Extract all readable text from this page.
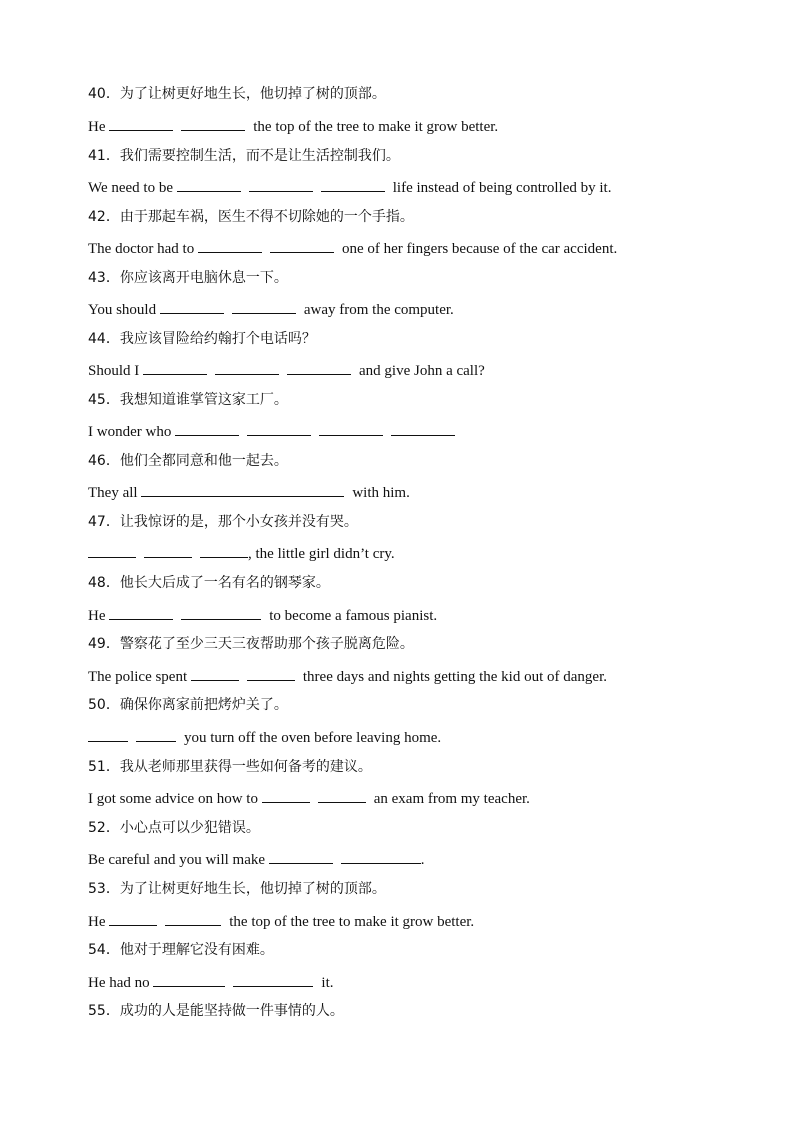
40．为了让树更好地生长，他切掉了树的顶部。
He	the top of the tree to make it grow better.
41．我们需要控制生活，而不是让生活控制我们。
We need to be	life instead of being controlled by it.
42．由于那起车祸，医生不得不切除她的一个手指。
The doctor had to	one of her fingers because of the car accident.
43．你应该离开电脑休息一下。
You should	away from the computer.
44．我应该冒险给约翰打个电话吗？
Should I	and give John a call?
45．我想知道谁掌管这家工厂。
I wonder who
46．他们全都同意和他一起去。
They all	with him.
47．让我惊讶的是，那个小女孩并没有哭。
, the little girl didn’t cry.
48．他长大后成了一名有名的钢琴家。
He	to become a famous pianist.
49．警察花了至少三天三夜帮助那个孩子脱离危险。
The police spent	three days and nights getting the kid out of danger.
50．确保你离家前把烤炉关了。
you turn off the oven before leaving home.
51．我从老师那里获得一些如何备考的建议。
I got some advice on how to	an exam from my teacher.
52．小心点可以少犯错误。
Be careful and you will make	.
53．为了让树更好地生长，他切掉了树的顶部。
He	the top of the tree to make it grow better.
54．他对于理解它没有困难。
He had no	it.
55．成功的人是能坚持做一件事情的人。
